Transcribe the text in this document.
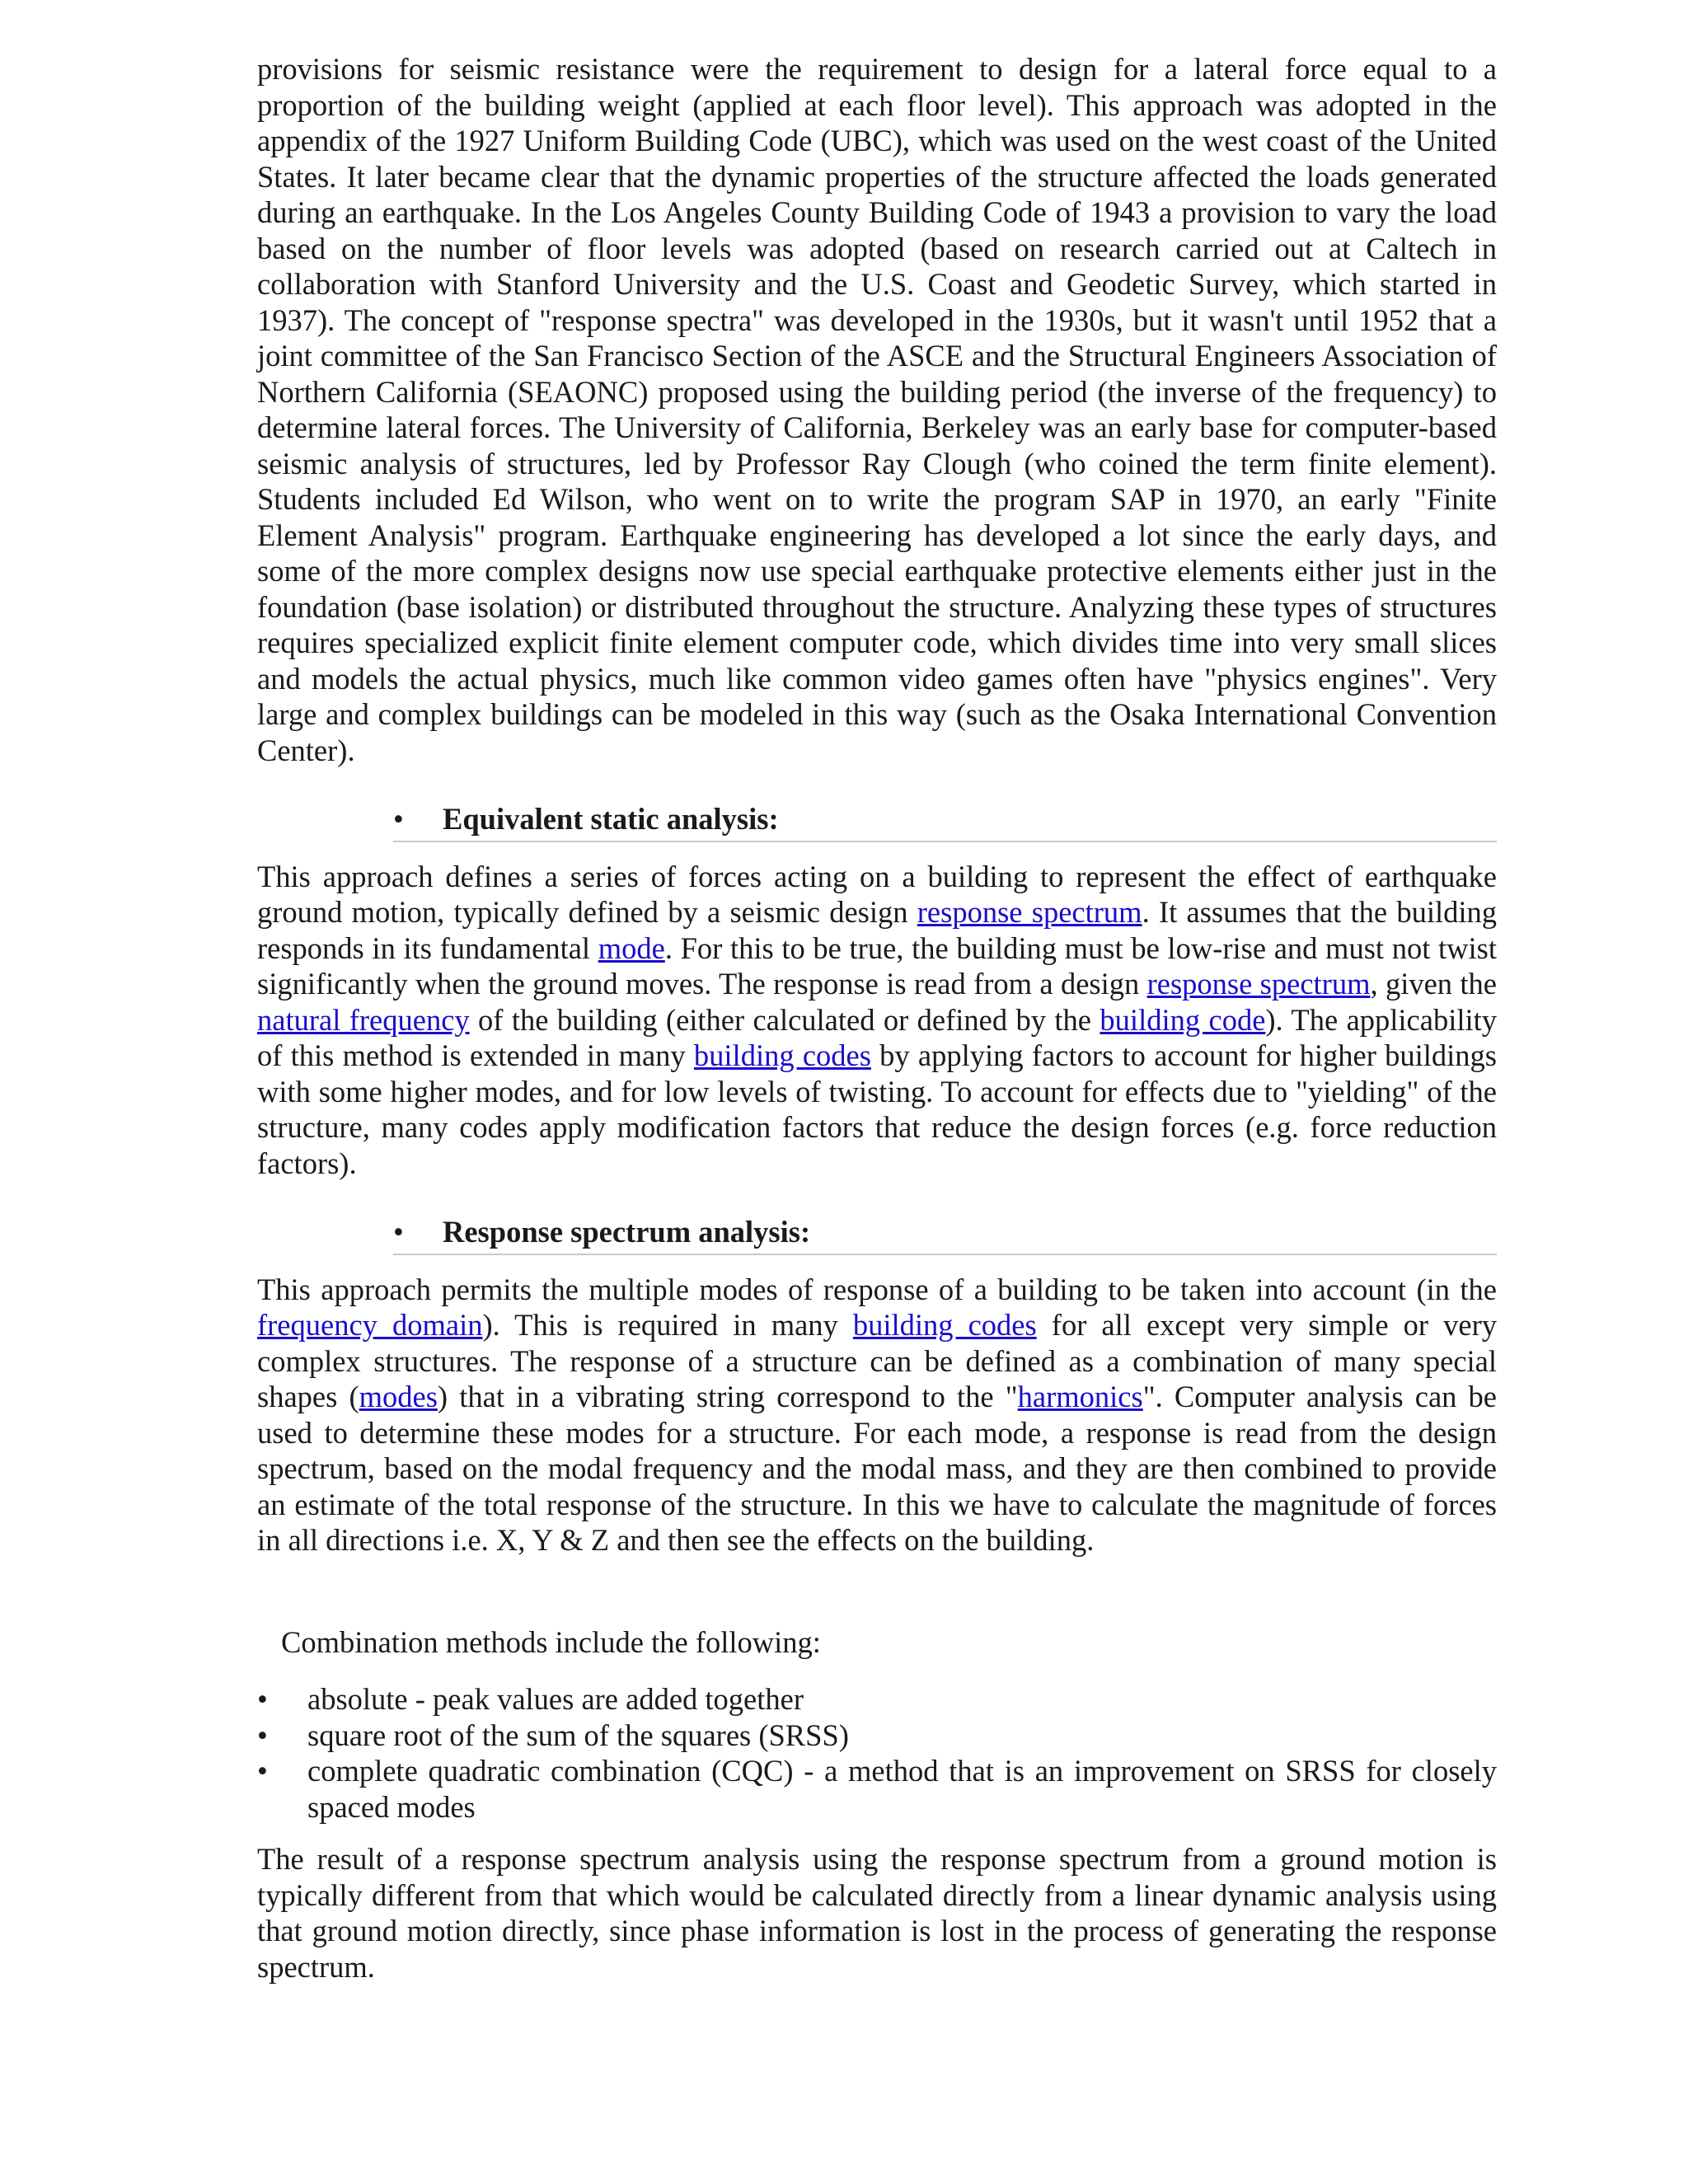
provisions for seismic resistance were the requirement to design for a lateral force equal to a proportion of the building weight (applied at each floor level). This approach was adopted in the appendix of the 1927 Uniform Building Code (UBC), which was used on the west coast of the United States. It later became clear that the dynamic properties of the structure affected the loads generated during an earthquake. In the Los Angeles County Building Code of 1943 a provision to vary the load based on the number of floor levels was adopted (based on research carried out at Caltech in collaboration with Stanford University and the U.S. Coast and Geodetic Survey, which started in 1937). The concept of "response spectra" was developed in the 1930s, but it wasn't until 1952 that a joint committee of the San Francisco Section of the ASCE and the Structural Engineers Association of Northern California (SEAONC) proposed using the building period (the inverse of the frequency) to determine lateral forces. The University of California, Berkeley was an early base for computer-based seismic analysis of structures, led by Professor Ray Clough (who coined the term finite element). Students included Ed Wilson, who went on to write the program SAP in 1970, an early "Finite Element Analysis" program. Earthquake engineering has developed a lot since the early days, and some of the more complex designs now use special earthquake protective elements either just in the foundation (base isolation) or distributed throughout the structure. Analyzing these types of structures requires specialized explicit finite element computer code, which divides time into very small slices and models the actual physics, much like common video games often have "physics engines". Very large and complex buildings can be modeled in this way (such as the Osaka International Convention Center).

•	Equivalent static analysis:

This approach defines a series of forces acting on a building to represent the effect of earthquake ground motion, typically defined by a seismic design response spectrum. It assumes that the building responds in its fundamental mode. For this to be true, the building must be low-rise and must not twist significantly when the ground moves. The response is read from a design response spectrum, given the natural frequency of the building (either calculated or defined by the building code). The applicability of this method is extended in many building codes by applying factors to account for higher buildings with some higher modes, and for low levels of twisting. To account for effects due to "yielding" of the structure, many codes apply modification factors that reduce the design forces (e.g. force reduction factors).

•	Response spectrum analysis:

This approach permits the multiple modes of response of a building to be taken into account (in the frequency domain). This is required in many building codes for all except very simple or very complex structures. The response of a structure can be defined as a combination of many special shapes (modes) that in a vibrating string correspond to the "harmonics". Computer analysis can be used to determine these modes for a structure. For each mode, a response is read from the design spectrum, based on the modal frequency and the modal mass, and they are then combined to provide an estimate of the total response of the structure. In this we have to calculate the magnitude of forces in all directions i.e. X, Y & Z and then see the effects on the building.

Combination methods include the following:

• absolute - peak values are added together
• square root of the sum of the squares (SRSS)
• complete quadratic combination (CQC) - a method that is an improvement on SRSS for closely spaced modes

The result of a response spectrum analysis using the response spectrum from a ground motion is typically different from that which would be calculated directly from a linear dynamic analysis using that ground motion directly, since phase information is lost in the process of generating the response spectrum.
